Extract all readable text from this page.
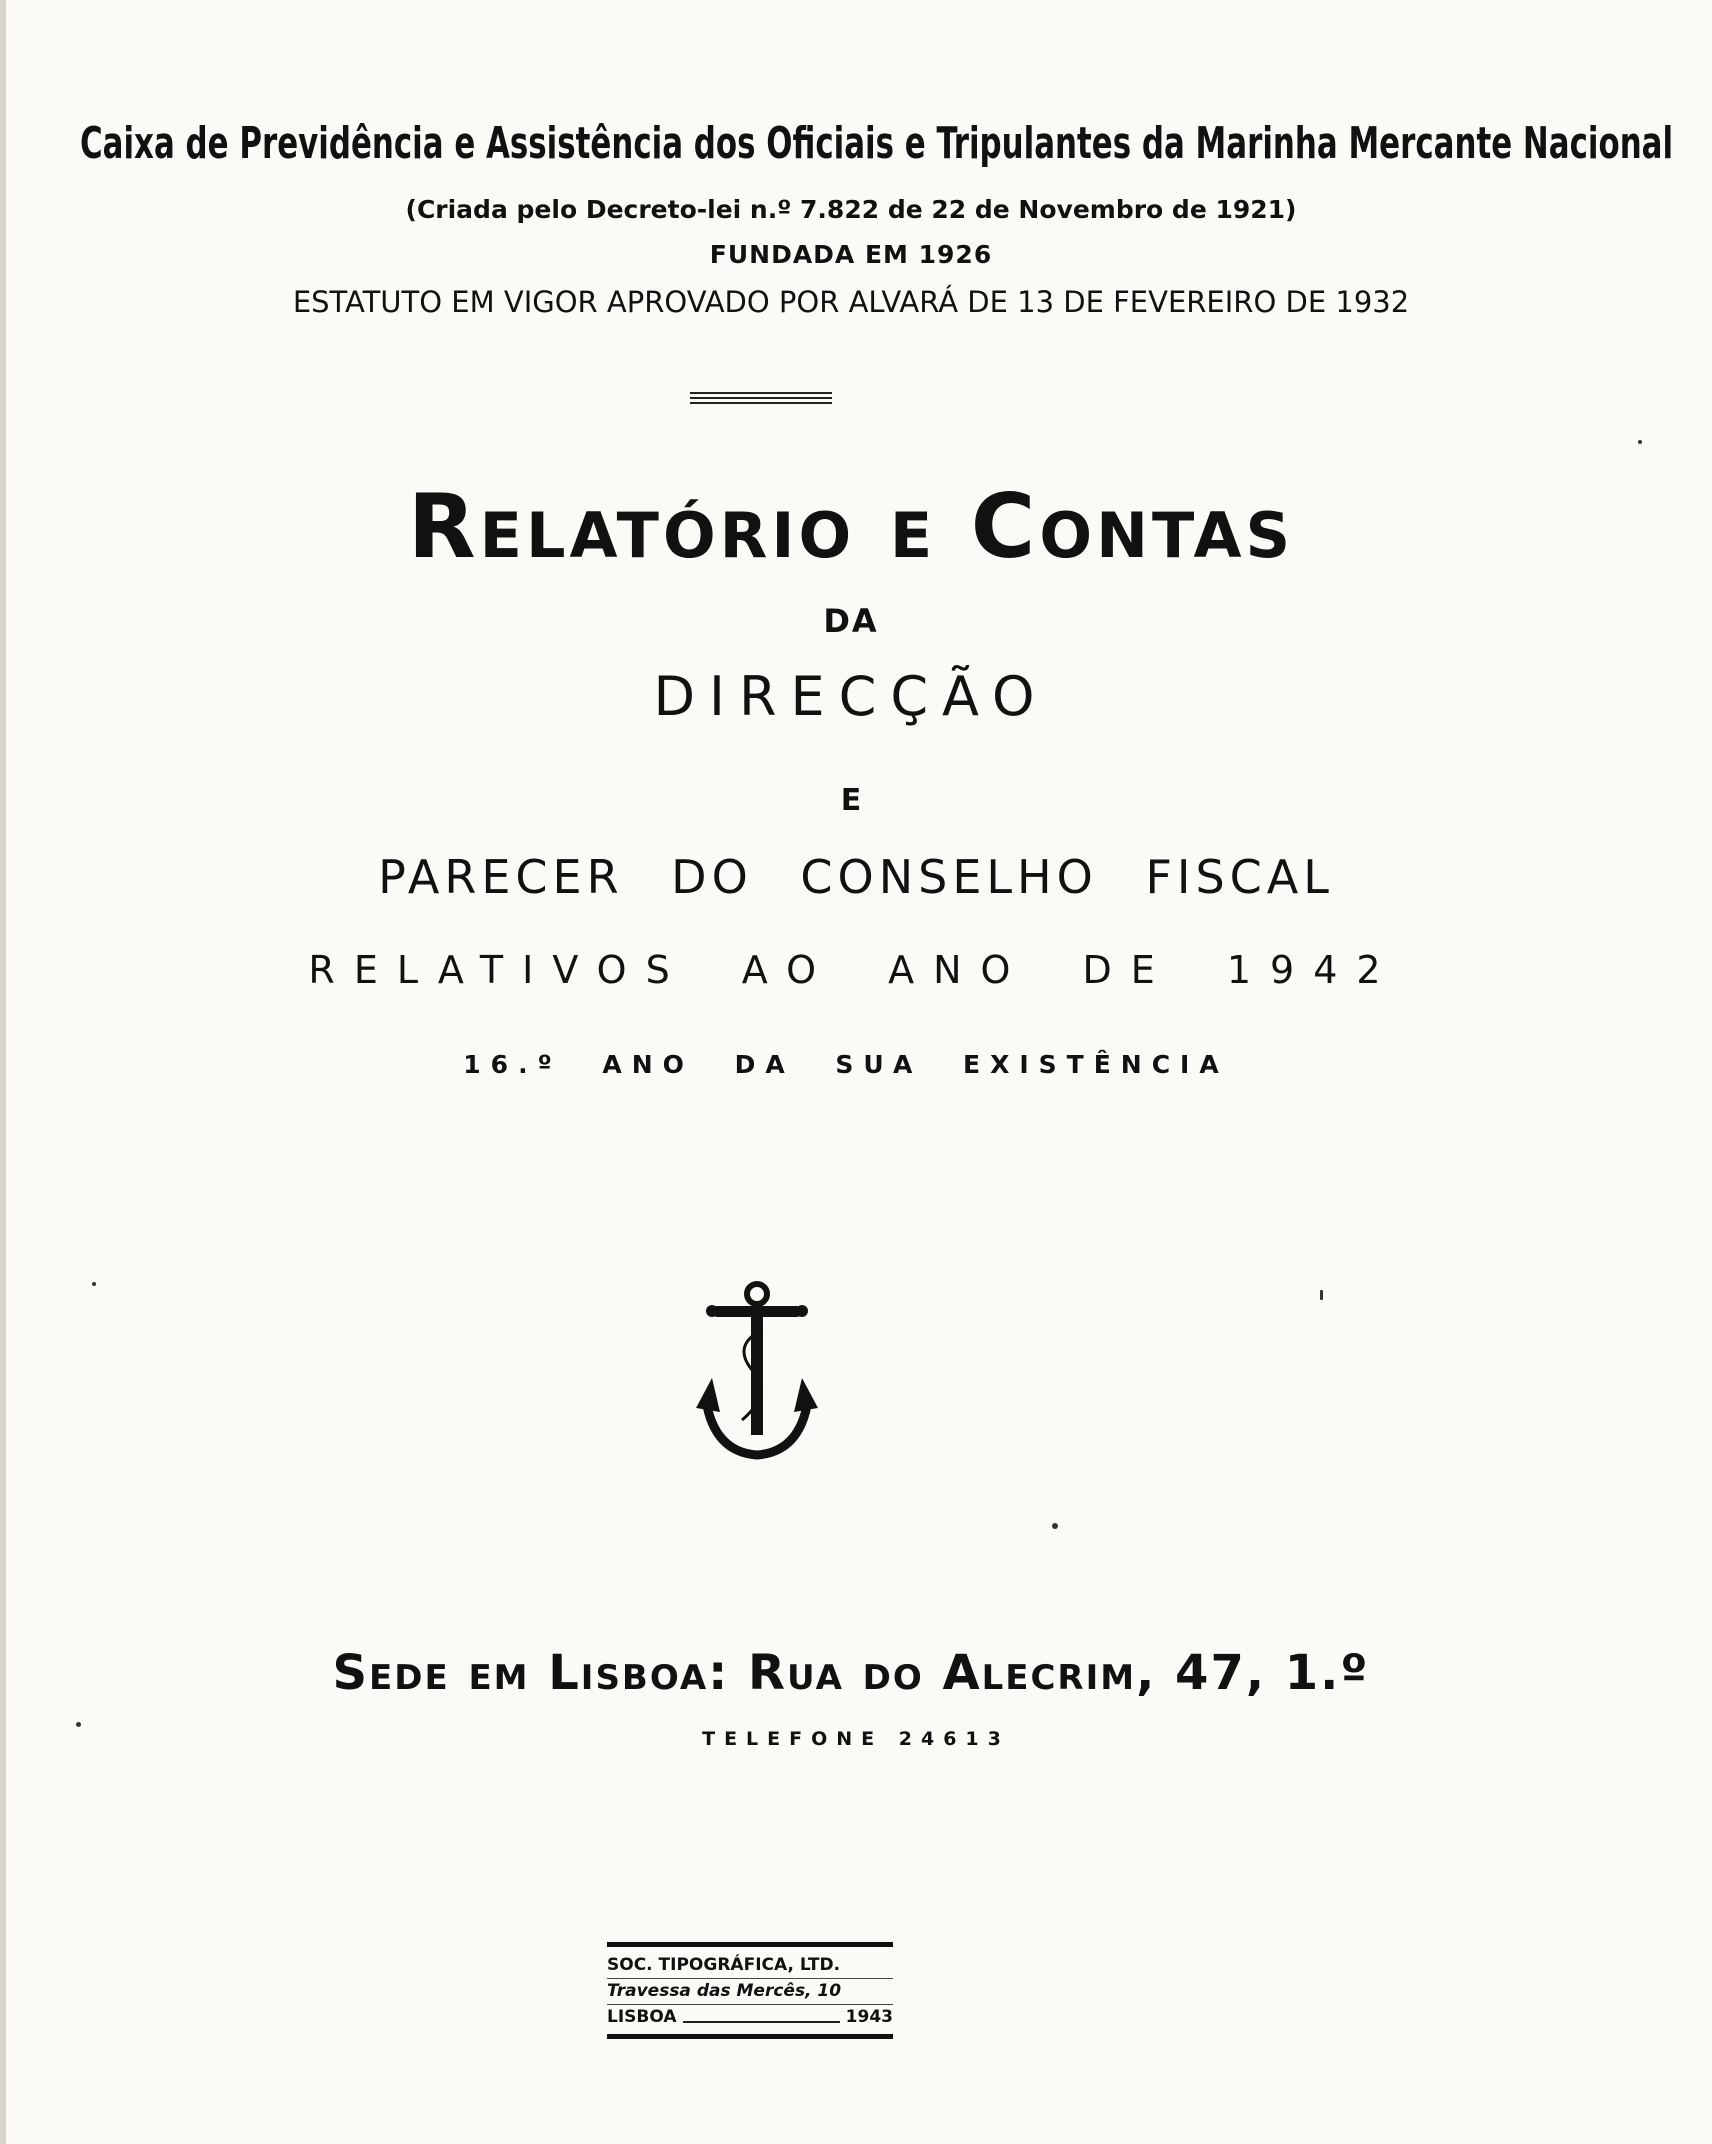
Caixa de Previdência e Assistência dos Oficiais e Tripulantes da Marinha Mercante Nacional
(Criada pelo Decreto-lei n.º 7.822 de 22 de Novembro de 1921)
FUNDADA EM 1926
ESTATUTO EM VIGOR APROVADO POR ALVARÁ DE 13 DE FEVEREIRO DE 1932
Relatório e Contas
DA
DIRECÇÃO
E
PARECER DO CONSELHO FISCAL
RELATIVOS AO ANO DE 1942
16.º ANO DA SUA EXISTÊNCIA
Sede em Lisboa: Rua do Alecrim, 47, 1.º
TELEFONE 24613
SOC. TIPOGRÁFICA, LTD.
Travessa das Mercês, 10
LISBOA	1943
